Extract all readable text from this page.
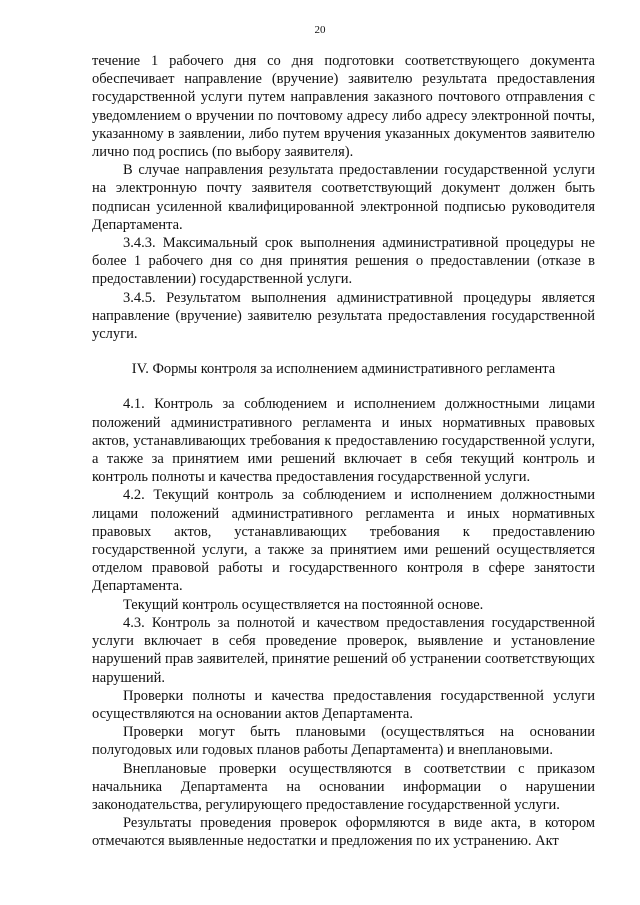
20

течение 1 рабочего дня со дня подготовки соответствующего документа обеспечивает направление (вручение) заявителю результата предоставления государственной услуги путем направления заказного почтового отправления с уведомлением о вручении по почтовому адресу либо адресу электронной почты, указанному в заявлении, либо путем вручения указанных документов заявителю лично под роспись (по выбору заявителя).

В случае направления результата предоставлении государственной услуги на электронную почту заявителя соответствующий документ должен быть подписан усиленной квалифицированной электронной подписью руководителя Департамента.

3.4.3. Максимальный срок выполнения административной процедуры не более 1 рабочего дня со дня принятия решения о предоставлении (отказе в предоставлении) государственной услуги.

3.4.5. Результатом выполнения административной процедуры является направление (вручение) заявителю результата предоставления государственной услуги.

IV. Формы контроля за исполнением административного регламента

4.1. Контроль за соблюдением и исполнением должностными лицами положений административного регламента и иных нормативных правовых актов, устанавливающих требования к предоставлению государственной услуги, а также за принятием ими решений включает в себя текущий контроль и контроль полноты и качества предоставления государственной услуги.

4.2. Текущий контроль за соблюдением и исполнением должностными лицами положений административного регламента и иных нормативных правовых актов, устанавливающих требования к предоставлению государственной услуги, а также за принятием ими решений осуществляется отделом правовой работы и государственного контроля в сфере занятости Департамента.

Текущий контроль осуществляется на постоянной основе.

4.3. Контроль за полнотой и качеством предоставления государственной услуги включает в себя проведение проверок, выявление и установление нарушений прав заявителей, принятие решений об устранении соответствующих нарушений.

Проверки полноты и качества предоставления государственной услуги осуществляются на основании актов Департамента.

Проверки могут быть плановыми (осуществляться на основании полугодовых или годовых планов работы Департамента) и внеплановыми.

Внеплановые проверки осуществляются в соответствии с приказом начальника Департамента на основании информации о нарушении законодательства, регулирующего предоставление государственной услуги.

Результаты проведения проверок оформляются в виде акта, в котором отмечаются выявленные недостатки и предложения по их устранению. Акт
